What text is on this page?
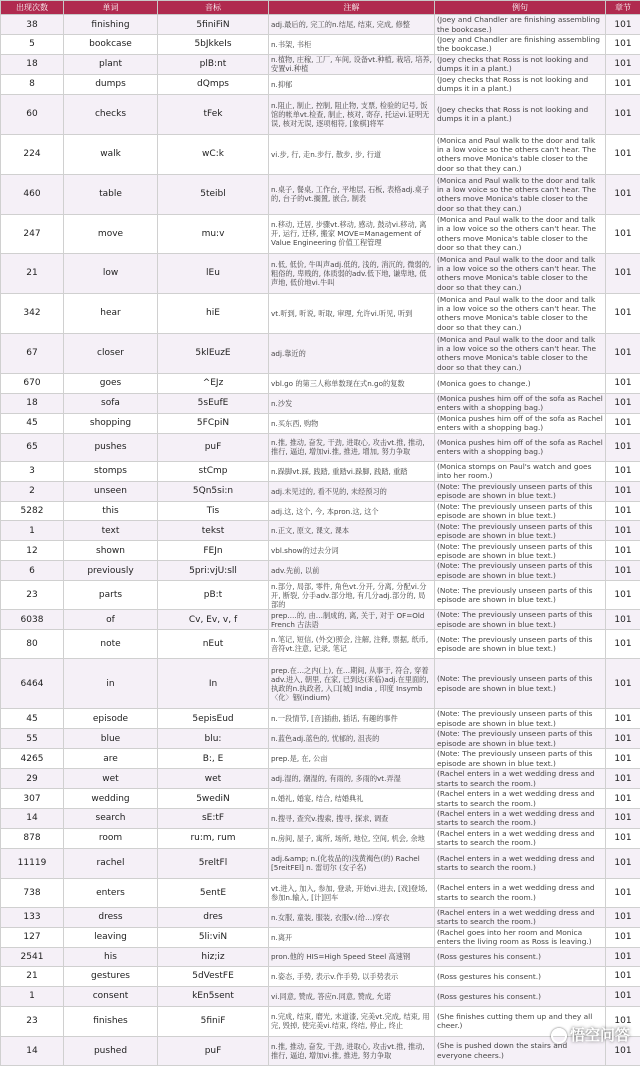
出现次数	单词	音标	注解	例句	章节
38	finishing	5finiFiN	adj.最后的, 完工的n.结尾, 结束, 完成, 修整	(Joey and Chandler are finishing assembling the bookcase.)	101
5	bookcase	5bJkkeIs	n.书架, 书柜	(Joey and Chandler are finishing assembling the bookcase.)	101
18	plant	plB:nt	n.植物, 庄稼, 工厂, 车间, 设备vt.种植, 栽培, 培养, 安置vi.种植	(Joey checks that Ross is not looking and dumps it in a plant.)	101
8	dumps	dQmps	n.抑郁	(Joey checks that Ross is not looking and dumps it in a plant.)	101
60	checks	tFek	n.阻止, 制止, 控制, 阻止物, 支票, 检验的记号, 饭馆的帐单vt.检查, 制止, 核对, 寄存, 托运vi.证明无误, 核对无误, 逐项相符, [象棋]将军	(Joey checks that Ross is not looking and dumps it in a plant.)	101
224	walk	wC:k	vi.步, 行, 走n.步行, 散步, 步, 行道	(Monica and Paul walk to the door and talk in a low voice so the others can't hear. The others move Monica's table closer to the door so that they can.)	101
460	table	5teibl	n.桌子, 餐桌, 工作台, 平地层, 石板, 表格adj.桌子的, 台子的vt.搁置, 嵌合, 制表	(Monica and Paul walk to the door and talk in a low voice so the others can't hear. The others move Monica's table closer to the door so that they can.)	101
247	move	mu:v	n.移动, 迁居, 步骤vt.移动, 感动, 鼓动vi.移动, 离开, 运行, 迁移, 搬家 MOVE=Management of Value Engineering 价值工程管理	(Monica and Paul walk to the door and talk in a low voice so the others can't hear. The others move Monica's table closer to the door so that they can.)	101
21	low	lEu	n.低, 低价, 牛叫声adj.低的, 浅的, 消沉的, 微弱的, 粗俗的, 卑贱的, 体质弱的adv.低下地, 谦卑地, 低声地, 低价地vi.牛叫	(Monica and Paul walk to the door and talk in a low voice so the others can't hear. The others move Monica's table closer to the door so that they can.)	101
342	hear	hiE	vt.听到, 听说, 听取, 审理, 允许vi.听见, 听到	(Monica and Paul walk to the door and talk in a low voice so the others can't hear. The others move Monica's table closer to the door so that they can.)	101
67	closer	5klEuzE	adj.靠近的	(Monica and Paul walk to the door and talk in a low voice so the others can't hear. The others move Monica's table closer to the door so that they can.)	101
670	goes	^EJz	vbl.go 的第三人称单数现在式n.go的复数	(Monica goes to change.)	101
18	sofa	5sEufE	n.沙发	(Monica pushes him off of the sofa as Rachel enters with a shopping bag.)	101
45	shopping	5FCpiN	n.买东西, 购物	(Monica pushes him off of the sofa as Rachel enters with a shopping bag.)	101
65	pushes	puF	n.推, 推动, 奋发, 干劲, 进取心, 攻击vt.推, 推动, 推行, 逼迫, 增加vi.推, 推进, 增加, 努力争取	(Monica pushes him off of the sofa as Rachel enters with a shopping bag.)	101
3	stomps	stCmp	n.跺脚vt.踩, 践踏, 重踏vi.跺脚, 践踏, 重踏	(Monica stomps on Paul's watch and goes into her room.)	101
2	unseen	5Qn5si:n	adj.未见过的, 看不见的, 未经预习的	(Note: The previously unseen parts of this episode are shown in blue text.)	101
5282	this	Tis	adj.这, 这个, 今, 本pron.这, 这个	(Note: The previously unseen parts of this episode are shown in blue text.)	101
1	text	tekst	n.正文, 原文, 课文, 课本	(Note: The previously unseen parts of this episode are shown in blue text.)	101
12	shown	FEJn	vbl.show的过去分词	(Note: The previously unseen parts of this episode are shown in blue text.)	101
6	previously	5pri:vjU:sll	adv.先前, 以前	(Note: The previously unseen parts of this episode are shown in blue text.)	101
23	parts	pB:t	n.部分, 局部, 零件, 角色vt.分开, 分离, 分配vi.分开, 断裂, 分手adv.部分地, 有几分adj.部分的, 局部的	(Note: The previously unseen parts of this episode are shown in blue text.)	101
6038	of	Cv, Ev, v, f	prep.…的, 由…制成的, 离, 关于, 对于 OF=Old French 古法语	(Note: The previously unseen parts of this episode are shown in blue text.)	101
80	note	nEut	n.笔记, 短信, (外交)照会, 注解, 注释, 票据, 纸币, 音符vt.注意, 记录, 笔记	(Note: The previously unseen parts of this episode are shown in blue text.)	101
6464	in	In	prep.在…之内(上), 在…期间, 从事于, 符合, 穿着adv.进入, 朝里, 在家, 已到达(来临)adj.在里面的, 执政的n.执政者, 入口[城] India , 印度 Insymb 〈化〉铟(indium)	(Note: The previously unseen parts of this episode are shown in blue text.)	101
45	episode	5episEud	n.一段情节, [音]插曲, 插话, 有趣的事件	(Note: The previously unseen parts of this episode are shown in blue text.)	101
55	blue	blu:	n.蓝色adj.蓝色的, 忧郁的, 沮丧的	(Note: The previously unseen parts of this episode are shown in blue text.)	101
4265	are	B:, E	prep.是, 在, 公亩	(Note: The previously unseen parts of this episode are shown in blue text.)	101
29	wet	wet	adj.湿的, 潮湿的, 有雨的, 多雨的vt.弄湿	(Rachel enters in a wet wedding dress and starts to search the room.)	101
307	wedding	5wediN	n.婚礼, 婚宴, 结合, 结婚典礼	(Rachel enters in a wet wedding dress and starts to search the room.)	101
14	search	sE:tF	n.搜寻, 查究v.搜索, 搜寻, 探求, 调查	(Rachel enters in a wet wedding dress and starts to search the room.)	101
878	room	ru:m, rum	n.房间, 屋子, 寓所, 场所, 地位, 空间, 机会, 余地	(Rachel enters in a wet wedding dress and starts to search the room.)	101
11119	rachel	5reltFl	adj.&amp; n.(化妆品的)浅黄褐色(的) Rachel [5reitFEl] n. 雷切尔 (女子名)	(Rachel enters in a wet wedding dress and starts to search the room.)	101
738	enters	5entE	vt.进入, 加入, 参加, 登录, 开始vi.进去, [戏]登场, 参加n.输入, [计]回车	(Rachel enters in a wet wedding dress and starts to search the room.)	101
133	dress	dres	n.女服, 童装, 服装, 衣服v.(给…)穿衣	(Rachel enters in a wet wedding dress and starts to search the room.)	101
127	leaving	5li:viN	n.离开	(Rachel goes into her room and Monica enters the living room as Ross is leaving.)	101
2541	his	hiz;iz	pron.他的 HIS=High Speed Steel 高速钢	(Ross gestures his consent.)	101
21	gestures	5dVestFE	n.姿态, 手势, 表示v.作手势, 以手势表示	(Ross gestures his consent.)	101
1	consent	kEn5sent	vi.同意, 赞成, 答应n.同意, 赞成, 允诺	(Ross gestures his consent.)	101
23	finishes	5finiF	n.完成, 结束, 磨光, 末道漆, 完美vt.完成, 结束, 用完, 毁掉, 使完美vi.结束, 终结, 停止, 终止	(She finishes cutting them up and they all cheer.)	101
14	pushed	puF	n.推, 推动, 奋发, 干劲, 进取心, 攻击vt.推, 推动, 推行, 逼迫, 增加vi.推, 推进, 努力争取	(She is pushed down the stairs and everyone cheers.)	101
悟空问答
